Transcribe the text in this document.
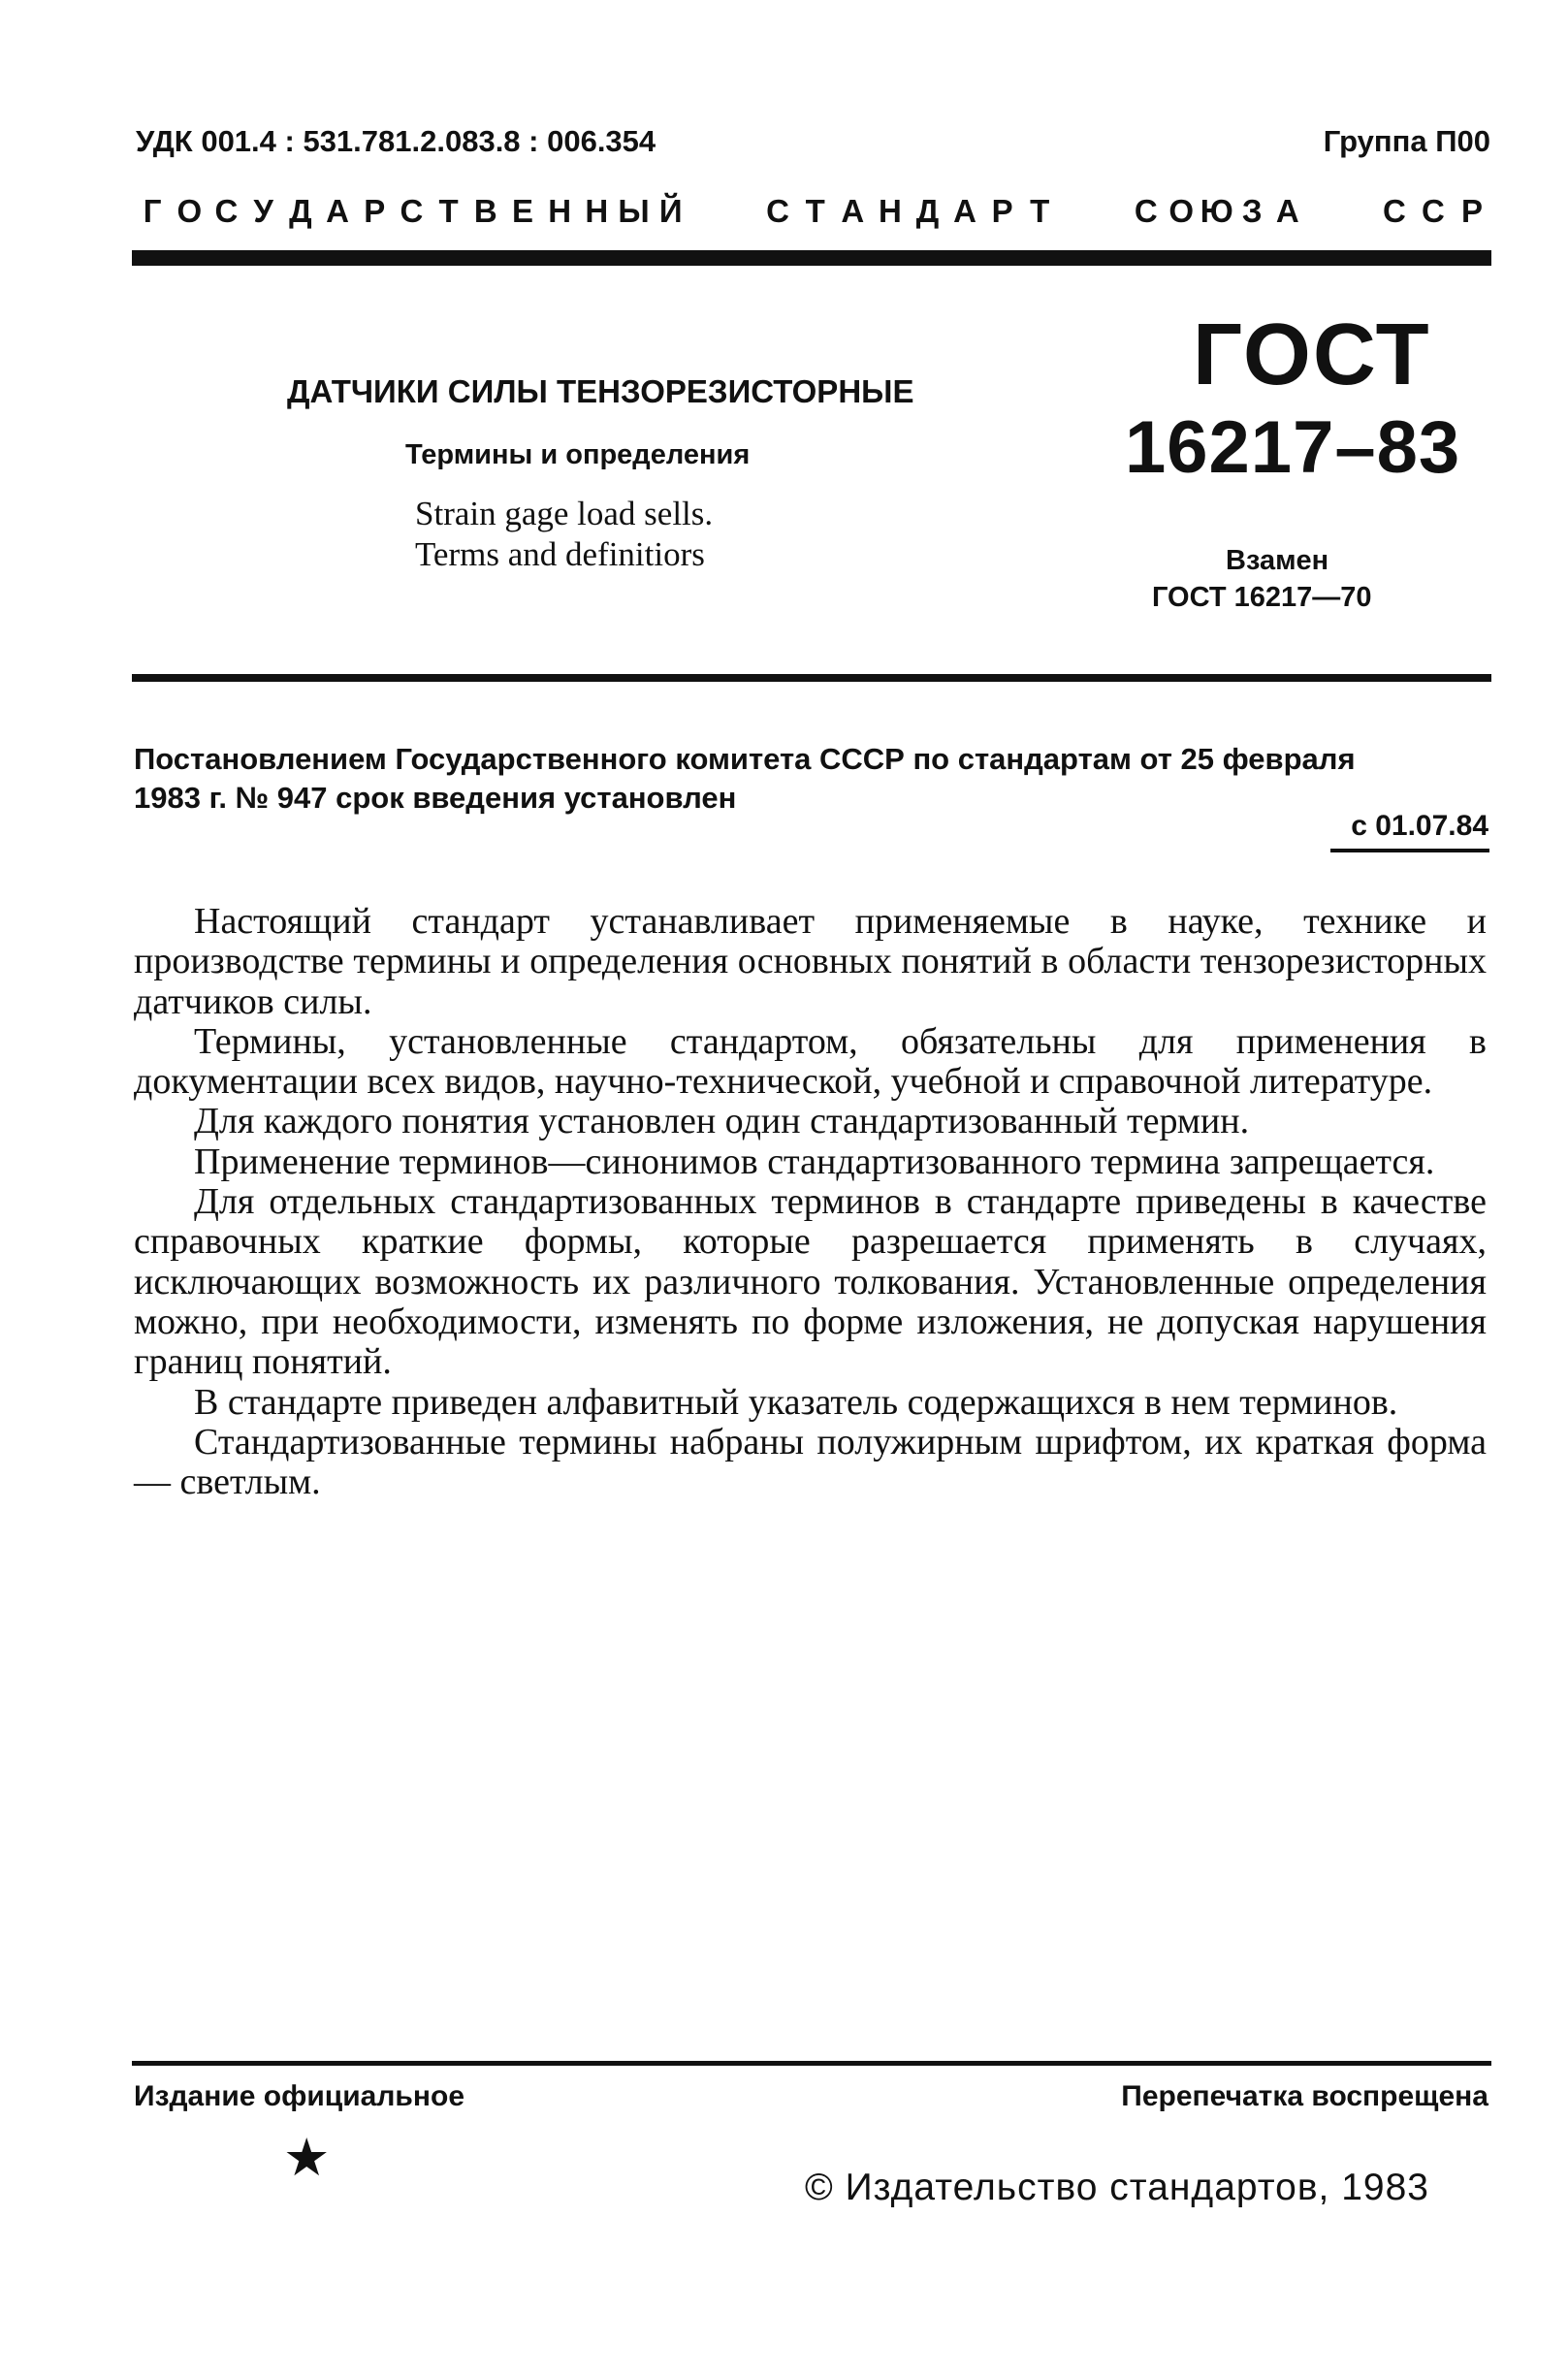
УДК 001.4 : 531.781.2.083.8 : 006.354	Группа П00
Г О С У Д А Р С Т В Е Н Н Ы Й	С Т А Н Д А Р Т	С О Ю З А	С С Р
ДАТЧИКИ СИЛЫ ТЕНЗОРЕЗИСТОРНЫЕ
Термины и определения
Strain gage load sells.
Terms and definitiors
ГОСТ
16217–83
Взамен
ГОСТ 16217—70
Постановлением Государственного комитета СССР по стандартам от 25 февраля
1983 г. № 947 срок введения установлен
с 01.07.84

Настоящий стандарт устанавливает применяемые в науке, технике и производстве термины и определения основных понятий в области тензорезисторных датчиков силы.

Термины, установленные стандартом, обязательны для применения в документации всех видов, научно-технической, учебной и справочной литературе.

Для каждого понятия установлен один стандартизованный термин.

Применение терминов—синонимов стандартизованного термина запрещается.

Для отдельных стандартизованных терминов в стандарте приведены в качестве справочных краткие формы, которые разрешается применять в случаях, исключающих возможность их различного толкования. Установленные определения можно, при необходимости, изменять по форме изложения, не допуская нарушения границ понятий.

В стандарте приведен алфавитный указатель содержащихся в нем терминов.

Стандартизованные термины набраны полужирным шрифтом, их краткая форма — светлым.

Издание официальное	Перепечатка воспрещена
★
© Издательство стандартов, 1983
